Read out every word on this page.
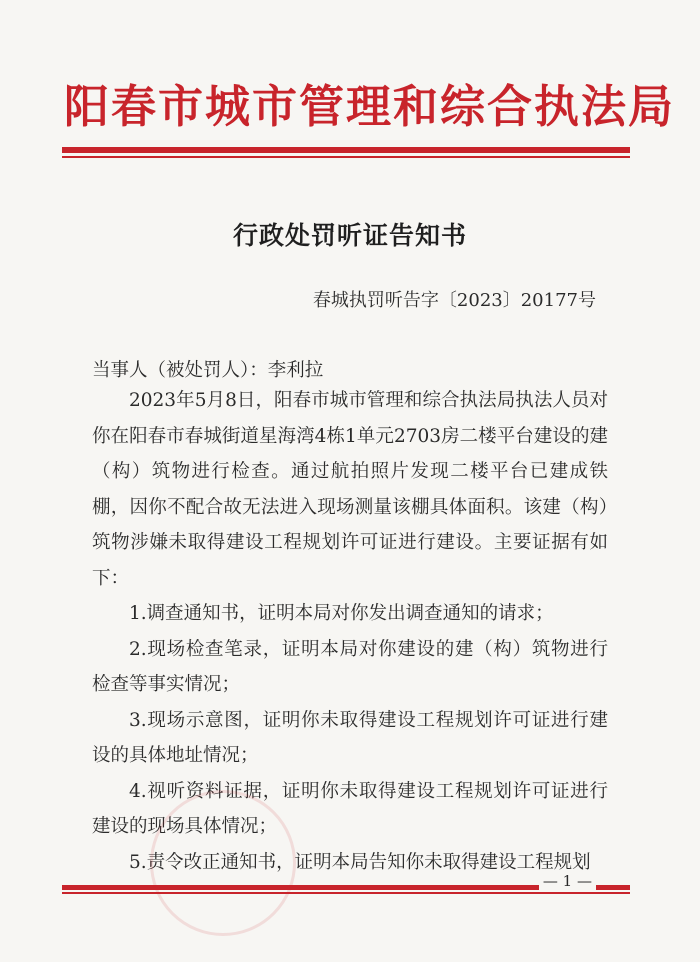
阳春市城市管理和综合执法局
行政处罚听证告知书
春城执罚听告字〔2023〕20177号
当事人（被处罚人）：李利拉

2023年5月8日，阳春市城市管理和综合执法局执法人员对你在阳春市春城街道星海湾4栋1单元2703房二楼平台建设的建（构）筑物进行检查。通过航拍照片发现二楼平台已建成铁棚，因你不配合故无法进入现场测量该棚具体面积。该建（构）筑物涉嫌未取得建设工程规划许可证进行建设。主要证据有如下：

1.调查通知书，证明本局对你发出调查通知的请求；

2.现场检查笔录，证明本局对你建设的建（构）筑物进行检查等事实情况；

3.现场示意图，证明你未取得建设工程规划许可证进行建设的具体地址情况；

4.视听资料证据，证明你未取得建设工程规划许可证进行建设的现场具体情况；

5.责令改正通知书，证明本局告知你未取得建设工程规划

— 1 —
